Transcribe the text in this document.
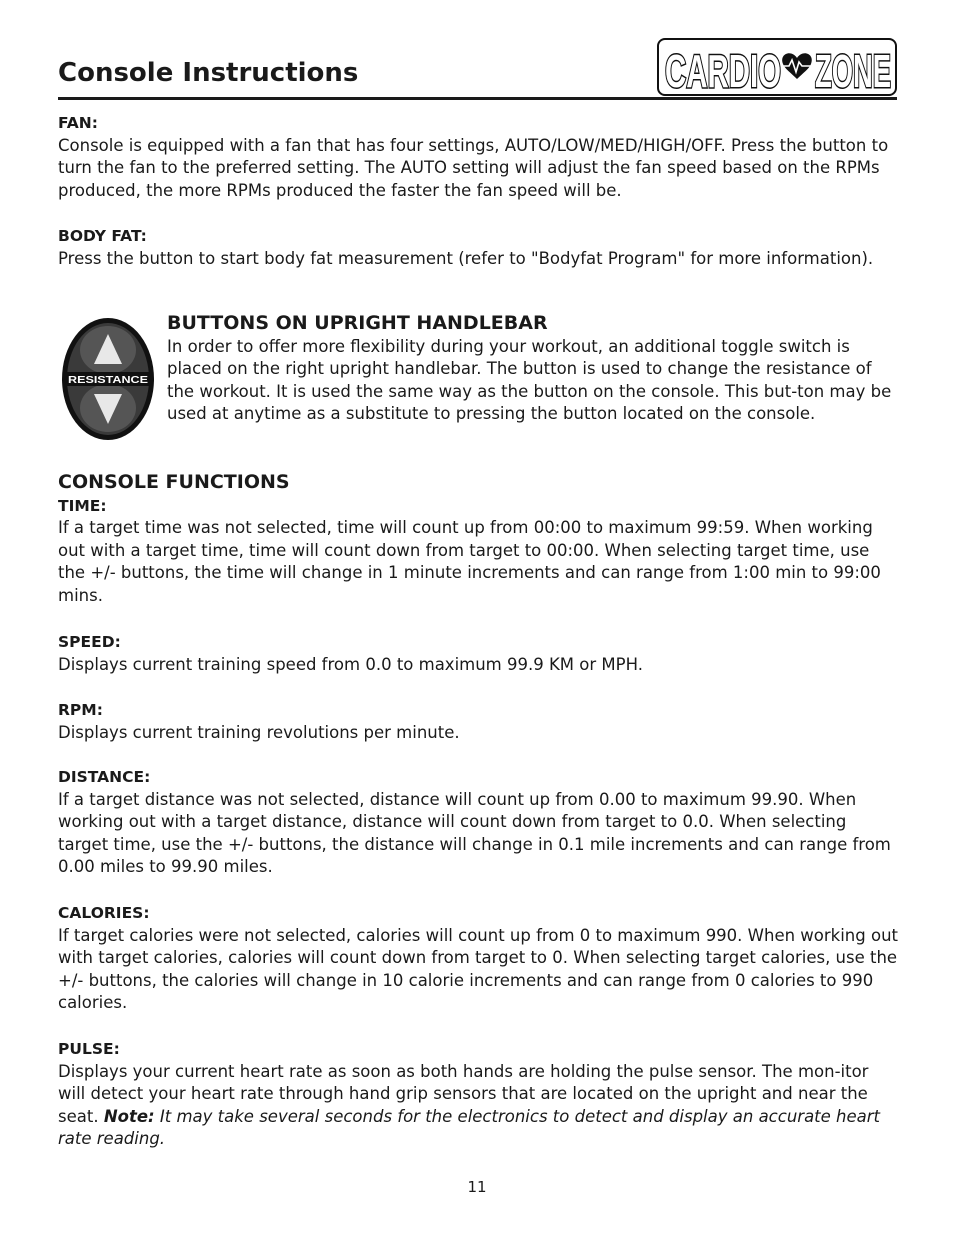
Console Instructions	CARDIO ZONE
FAN:
Console is equipped with a fan that has four settings, AUTO/LOW/MED/HIGH/OFF. Press the button to turn the fan to the preferred setting. The AUTO setting will adjust the fan speed based on the RPMs produced, the more RPMs produced the faster the fan speed will be.
BODY FAT:
Press the button to start body fat measurement (refer to "Bodyfat Program" for more information).
RESISTANCE
BUTTONS ON UPRIGHT HANDLEBAR
In order to offer more flexibility during your workout, an additional toggle switch is placed on the right upright handlebar. The button is used to change the resistance of the workout. It is used the same way as the button on the console. This but-ton may be used at anytime as a substitute to pressing the button located on the console.
CONSOLE FUNCTIONS
TIME:
If a target time was not selected, time will count up from 00:00 to maximum 99:59. When working out with a target time, time will count down from target to 00:00. When selecting target time, use the +/- buttons, the time will change in 1 minute increments and can range from 1:00 min to 99:00 mins.
SPEED:
Displays current training speed from 0.0 to maximum 99.9 KM or MPH.
RPM:
Displays current training revolutions per minute.
DISTANCE:
If a target distance was not selected, distance will count up from 0.00 to maximum 99.90. When working out with a target distance, distance will count down from target to 0.0. When selecting target time, use the +/- buttons, the distance will change in 0.1 mile increments and can range from 0.00 miles to 99.90 miles.
CALORIES:
If target calories were not selected, calories will count up from 0 to maximum 990. When working out with target calories, calories will count down from target to 0. When selecting target calories, use the +/- buttons, the calories will change in 10 calorie increments and can range from 0 calories to 990 calories.
PULSE:
Displays your current heart rate as soon as both hands are holding the pulse sensor. The mon-itor will detect your heart rate through hand grip sensors that are located on the upright and near the seat. Note: It may take several seconds for the electronics to detect and display an accurate heart rate reading.
11
